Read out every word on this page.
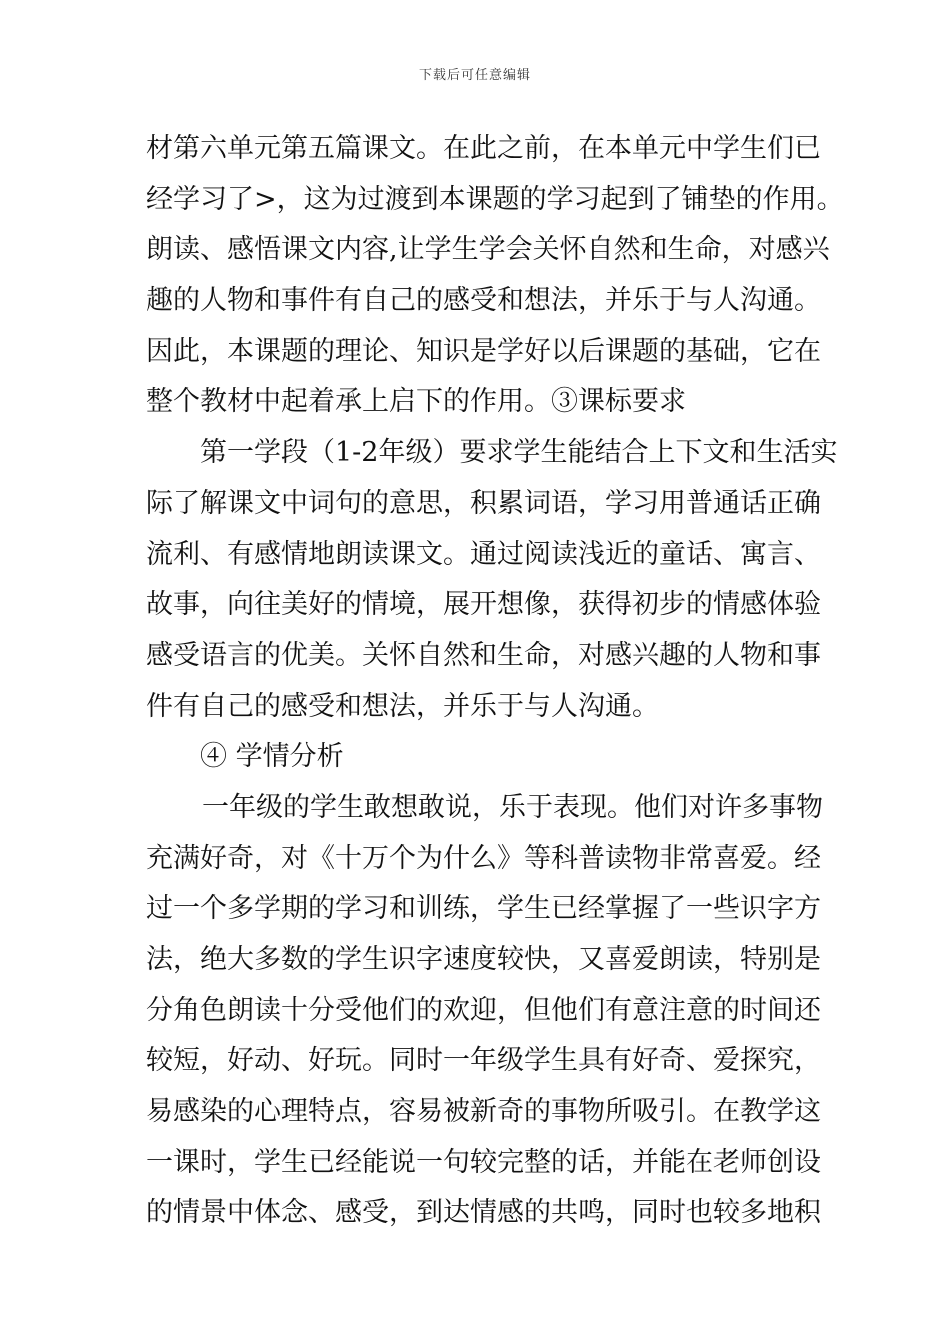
下载后可任意编辑
材第六单元第五篇课文。在此之前，在本单元中学生们已
经学习了>，这为过渡到本课题的学习起到了铺垫的作用。
朗读、感悟课文内容,让学生学会关怀自然和生命，对感兴
趣的人物和事件有自己的感受和想法，并乐于与人沟通。
因此，本课题的理论、知识是学好以后课题的基础，它在
整个教材中起着承上启下的作用。③课标要求
第一学段（1-2年级）要求学生能结合上下文和生活实
际了解课文中词句的意思，积累词语，学习用普通话正确
流利、有感情地朗读课文。通过阅读浅近的童话、寓言、
故事，向往美好的情境，展开想像，获得初步的情感体验
感受语言的优美。关怀自然和生命，对感兴趣的人物和事
件有自己的感受和想法，并乐于与人沟通。
④ 学情分析
一年级的学生敢想敢说，乐于表现。他们对许多事物
充满好奇，对《十万个为什么》等科普读物非常喜爱。经
过一个多学期的学习和训练，学生已经掌握了一些识字方
法，绝大多数的学生识字速度较快，又喜爱朗读，特别是
分角色朗读十分受他们的欢迎，但他们有意注意的时间还
较短，好动、好玩。同时一年级学生具有好奇、爱探究，
易感染的心理特点，容易被新奇的事物所吸引。在教学这
一课时，学生已经能说一句较完整的话，并能在老师创设
的情景中体念、感受，到达情感的共鸣，同时也较多地积
